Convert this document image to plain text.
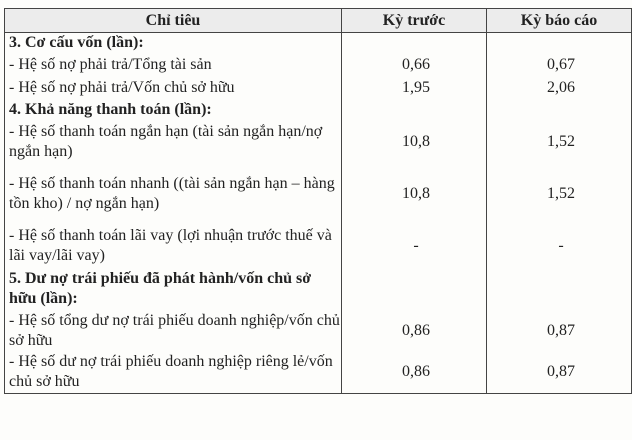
Chỉ tiêu	Kỳ trước	Kỳ báo cáo
3. Cơ cấu vốn (lần):		
- Hệ số nợ phải trả/Tổng tài sản	0,66	0,67
- Hệ số nợ phải trả/Vốn chủ sở hữu	1,95	2,06
4. Khả năng thanh toán (lần):		
- Hệ số thanh toán ngắn hạn (tài sản ngắn hạn/nợ ngắn hạn)	10,8	1,52
- Hệ số thanh toán nhanh ((tài sản ngắn hạn – hàng tồn kho) / nợ ngắn hạn)	10,8	1,52
- Hệ số thanh toán lãi vay (lợi nhuận trước thuế và lãi vay/lãi vay)	-	-
5. Dư nợ trái phiếu đã phát hành/vốn chủ sở hữu (lần):		
- Hệ số tổng dư nợ trái phiếu doanh nghiệp/vốn chủ sở hữu	0,86	0,87
- Hệ số dư nợ trái phiếu doanh nghiệp riêng lẻ/vốn chủ sở hữu	0,86	0,87
